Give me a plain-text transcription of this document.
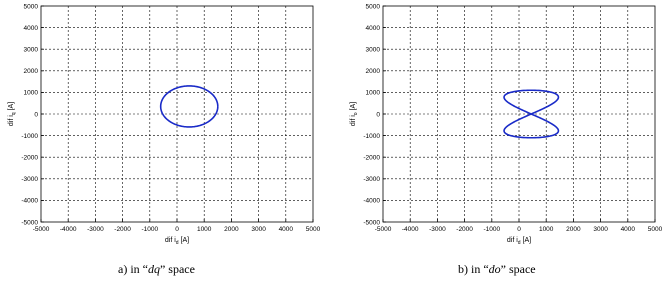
-5000 -4000 -3000 -2000 -1000	0	1000 2000 3000 4000 5000
-5000
-4000
-3000
-2000
-1000
0
1000
2000
3000
4000
5000
dif $i_d$ [A]
dif $i_q$ [A]
-5000 -4000 -3000 -2000 -1000	0	1000 2000 3000 4000 5000
-5000
-4000
-3000
-2000
-1000
0
1000
2000
3000
4000
5000
dif $i_d$ [A]
dif $i_o$ [A]
a) in “dq” space	b) in “do” space
